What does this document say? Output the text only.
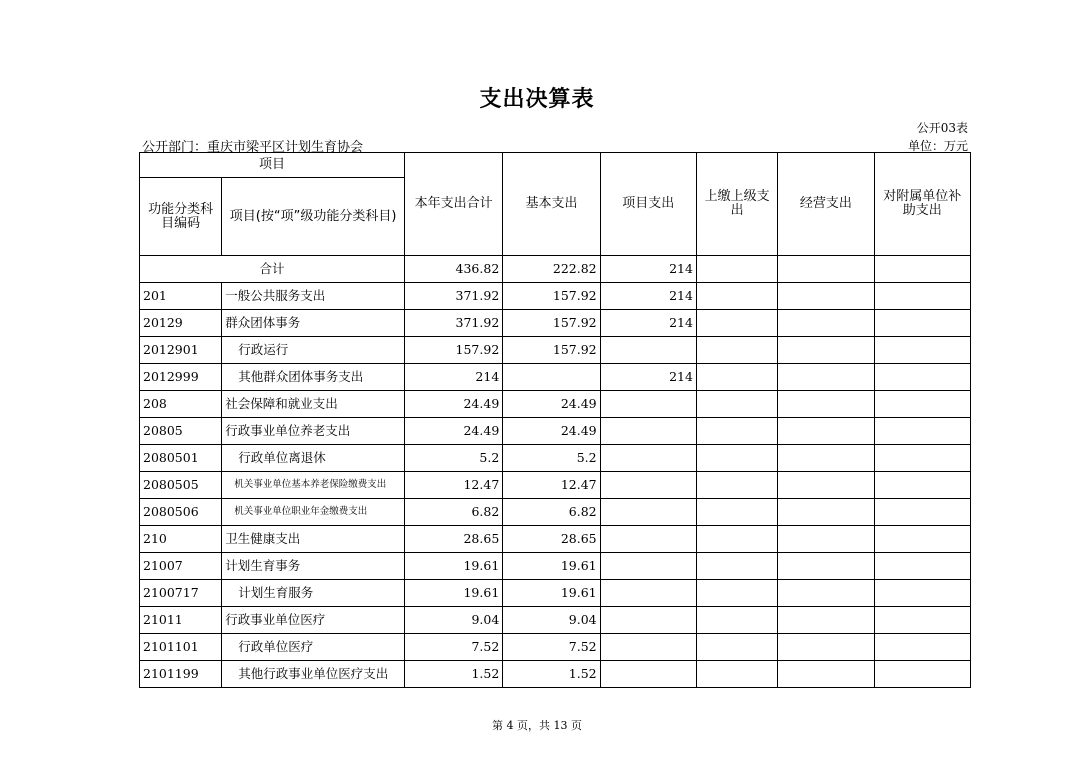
支出决算表
公开03表
公开部门：重庆市梁平区计划生育协会	单位：万元
项目		本年支出合计	基本支出	项目支出	上缴上级支出	经营支出	对附属单位补助支出
功能分类科目编码	项目(按“项”级功能分类科目)						
合计		436.82	222.82	214			
201	一般公共服务支出	371.92	157.92	214			
20129	群众团体事务	371.92	157.92	214			
2012901	行政运行	157.92	157.92				
2012999	其他群众团体事务支出	214		214			
208	社会保障和就业支出	24.49	24.49				
20805	行政事业单位养老支出	24.49	24.49				
2080501	行政单位离退休	5.2	5.2				
2080505	机关事业单位基本养老保险缴费支出	12.47	12.47				
2080506	机关事业单位职业年金缴费支出	6.82	6.82				
210	卫生健康支出	28.65	28.65				
21007	计划生育事务	19.61	19.61				
2100717	计划生育服务	19.61	19.61				
21011	行政事业单位医疗	9.04	9.04				
2101101	行政单位医疗	7.52	7.52				
2101199	其他行政事业单位医疗支出	1.52	1.52				
第 4 页，共 13 页
